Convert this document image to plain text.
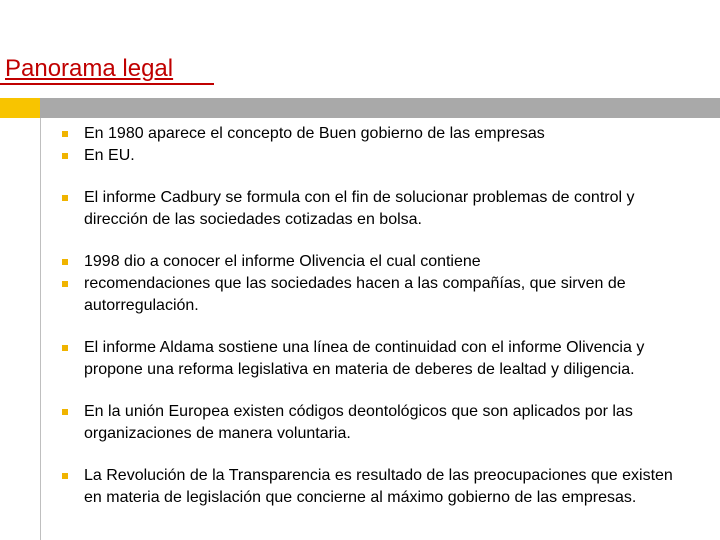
Panorama legal
En 1980 aparece el concepto de Buen gobierno de las empresas
En EU.
El informe Cadbury se formula con el fin de solucionar problemas de control y dirección de las sociedades cotizadas en bolsa.
1998 dio a conocer el informe Olivencia el cual contiene
recomendaciones que las sociedades hacen a las compañías, que sirven de autorregulación.
El informe Aldama sostiene una línea de continuidad con el informe Olivencia y propone una reforma legislativa en materia de deberes de lealtad y diligencia.
En la unión Europea existen códigos deontológicos que son aplicados por las organizaciones de manera voluntaria.
La Revolución de la Transparencia es resultado de las preocupaciones que existen en materia de legislación que concierne al máximo gobierno de las empresas.
